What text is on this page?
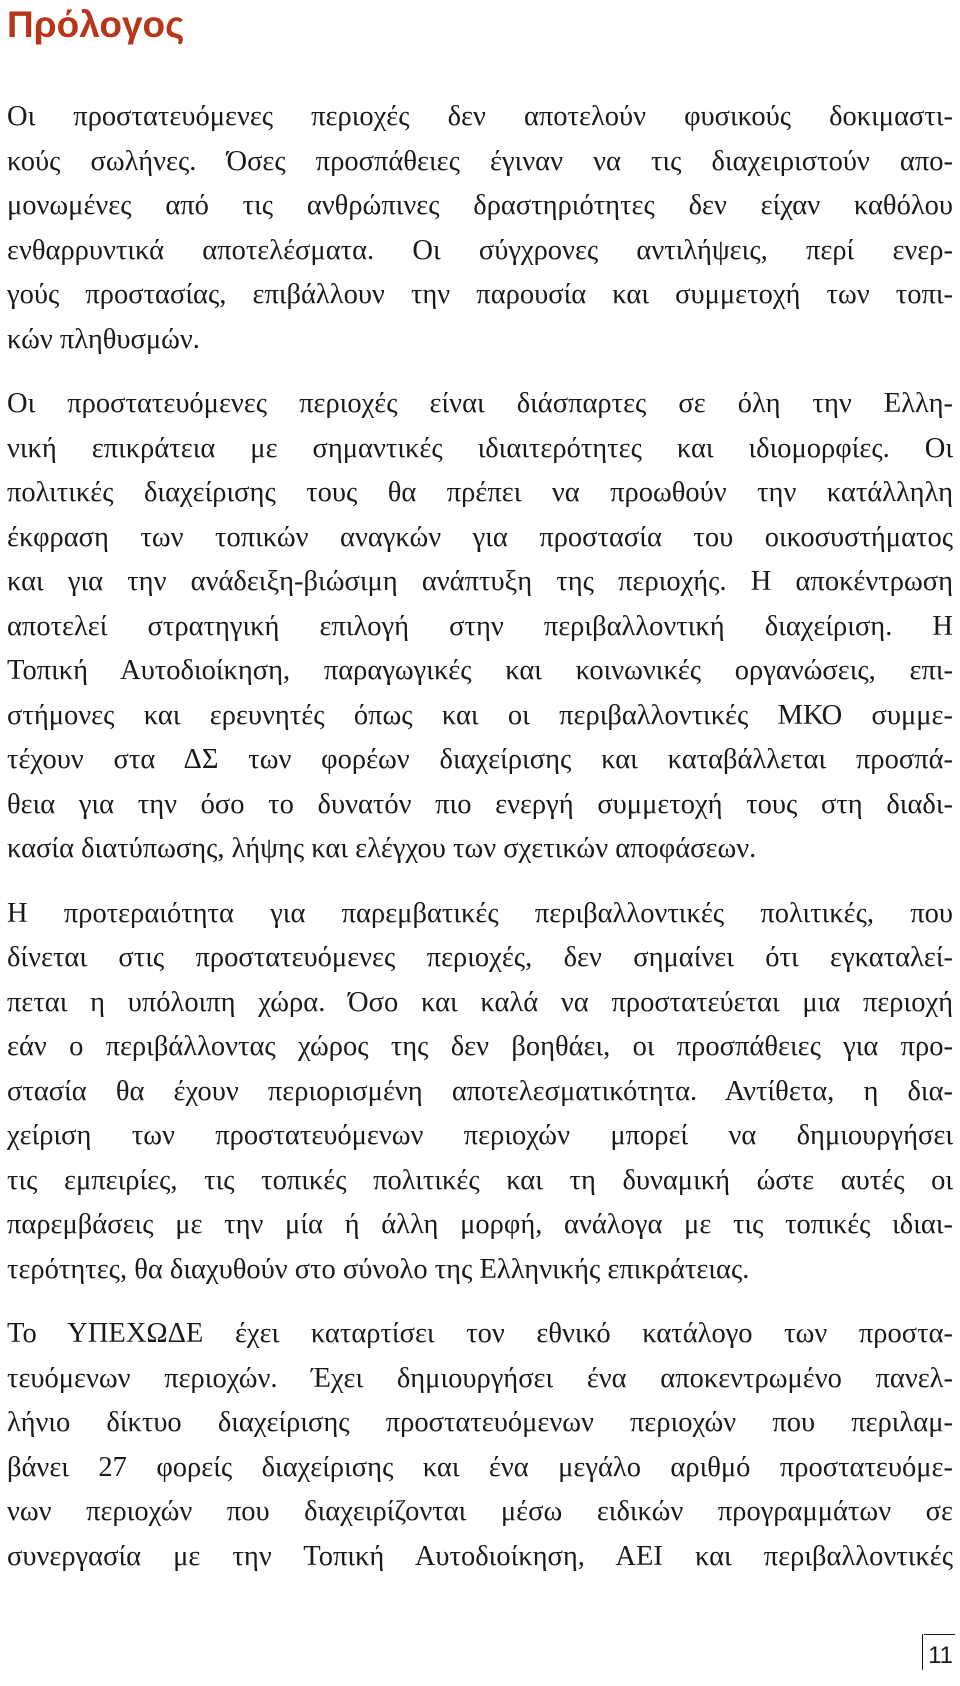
Πρόλογος

Οι προστατευόμενες περιοχές δεν αποτελούν φυσικούς δοκιμαστι-
κούς σωλήνες. Όσες προσπάθειες έγιναν να τις διαχειριστούν απο-
μονωμένες από τις ανθρώπινες δραστηριότητες δεν είχαν καθόλου
ενθαρρυντικά αποτελέσματα. Οι σύγχρονες αντιλήψεις, περί ενερ-
γούς προστασίας, επιβάλλουν την παρουσία και συμμετοχή των τοπι-
κών πληθυσμών.

Οι προστατευόμενες περιοχές είναι διάσπαρτες σε όλη την Ελλη-
νική επικράτεια με σημαντικές ιδιαιτερότητες και ιδιομορφίες. Οι
πολιτικές διαχείρισης τους θα πρέπει να προωθούν την κατάλληλη
έκφραση των τοπικών αναγκών για προστασία του οικοσυστήματος
και για την ανάδειξη-βιώσιμη ανάπτυξη της περιοχής. Η αποκέντρωση
αποτελεί στρατηγική επιλογή στην περιβαλλοντική διαχείριση. Η
Τοπική Αυτοδιοίκηση, παραγωγικές και κοινωνικές οργανώσεις, επι-
στήμονες και ερευνητές όπως και οι περιβαλλοντικές ΜΚΟ συμμε-
τέχουν στα ΔΣ των φορέων διαχείρισης και καταβάλλεται προσπά-
θεια για την όσο το δυνατόν πιο ενεργή συμμετοχή τους στη διαδι-
κασία διατύπωσης, λήψης και ελέγχου των σχετικών αποφάσεων.

Η προτεραιότητα για παρεμβατικές περιβαλλοντικές πολιτικές, που
δίνεται στις προστατευόμενες περιοχές, δεν σημαίνει ότι εγκαταλεί-
πεται η υπόλοιπη χώρα. Όσο και καλά να προστατεύεται μια περιοχή
εάν ο περιβάλλοντας χώρος της δεν βοηθάει, οι προσπάθειες για προ-
στασία θα έχουν περιορισμένη αποτελεσματικότητα. Αντίθετα, η δια-
χείριση των προστατευόμενων περιοχών μπορεί να δημιουργήσει
τις εμπειρίες, τις τοπικές πολιτικές και τη δυναμική ώστε αυτές οι
παρεμβάσεις με την μία ή άλλη μορφή, ανάλογα με τις τοπικές ιδιαι-
τερότητες, θα διαχυθούν στο σύνολο της Ελληνικής επικράτειας.

Το ΥΠΕΧΩΔΕ έχει καταρτίσει τον εθνικό κατάλογο των προστα-
τευόμενων περιοχών. Έχει δημιουργήσει ένα αποκεντρωμένο πανελ-
λήνιο δίκτυο διαχείρισης προστατευόμενων περιοχών που περιλαμ-
βάνει 27 φορείς διαχείρισης και ένα μεγάλο αριθμό προστατευόμε-
νων περιοχών που διαχειρίζονται μέσω ειδικών προγραμμάτων σε
συνεργασία με την Τοπική Αυτοδιοίκηση, ΑΕΙ και περιβαλλοντικές

11
